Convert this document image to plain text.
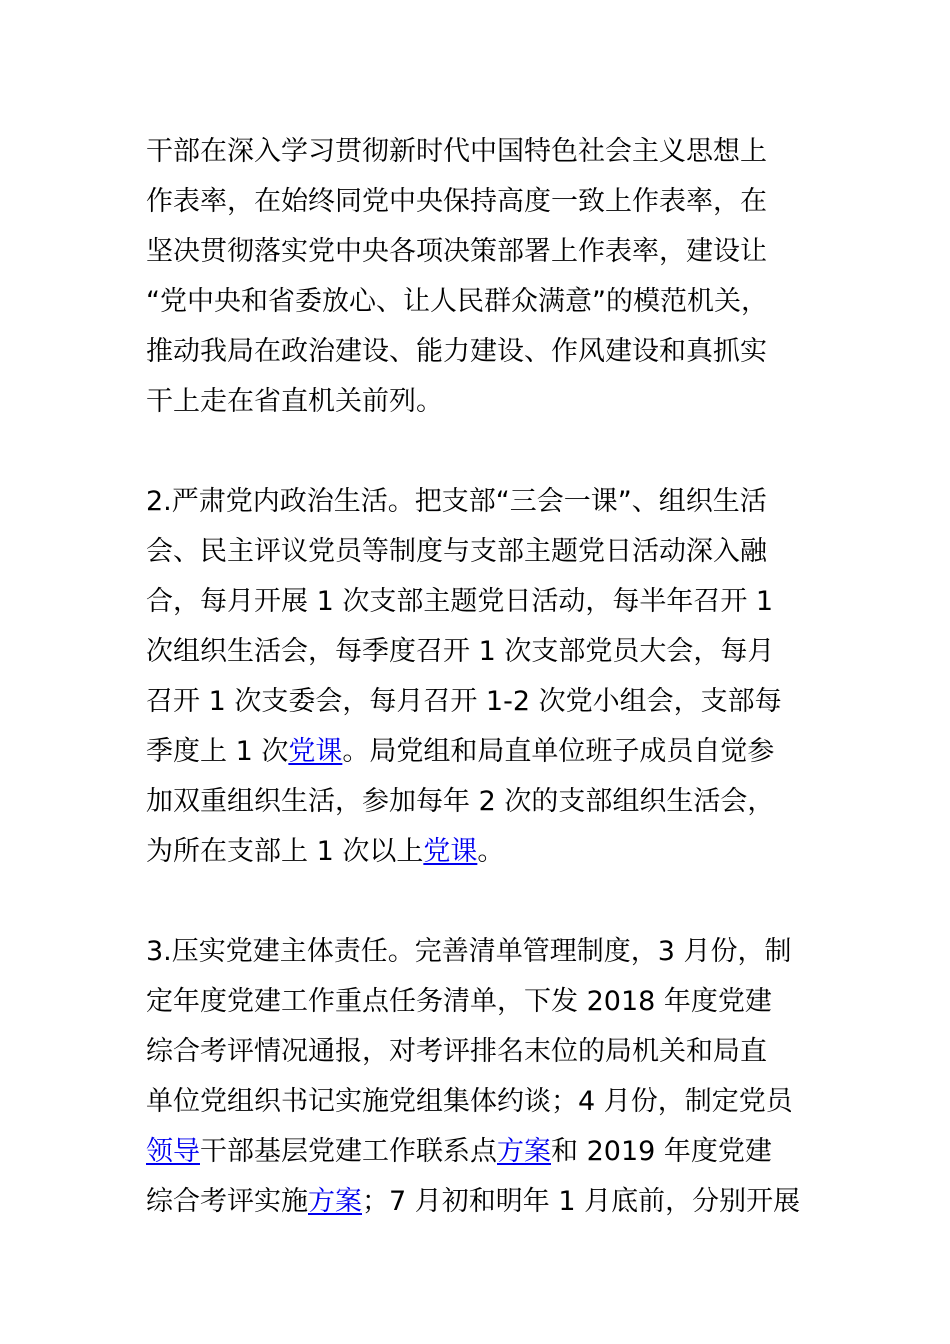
干部在深入学习贯彻新时代中国特色社会主义思想上
作表率，在始终同党中央保持高度一致上作表率，在
坚决贯彻落实党中央各项决策部署上作表率，建设让
“党中央和省委放心、让人民群众满意”的模范机关，
推动我局在政治建设、能力建设、作风建设和真抓实
干上走在省直机关前列。
2.严肃党内政治生活。把支部“三会一课”、组织生活
会、民主评议党员等制度与支部主题党日活动深入融
合，每月开展 1 次支部主题党日活动，每半年召开 1
次组织生活会，每季度召开 1 次支部党员大会，每月
召开 1 次支委会，每月召开 1-2 次党小组会，支部每
季度上 1 次党课。局党组和局直单位班子成员自觉参
加双重组织生活，参加每年 2 次的支部组织生活会，
为所在支部上 1 次以上党课。
3.压实党建主体责任。完善清单管理制度，3 月份，制
定年度党建工作重点任务清单，下发 2018 年度党建
综合考评情况通报，对考评排名末位的局机关和局直
单位党组织书记实施党组集体约谈；4 月份，制定党员
领导干部基层党建工作联系点方案和 2019 年度党建
综合考评实施方案；7 月初和明年 1 月底前，分别开展
